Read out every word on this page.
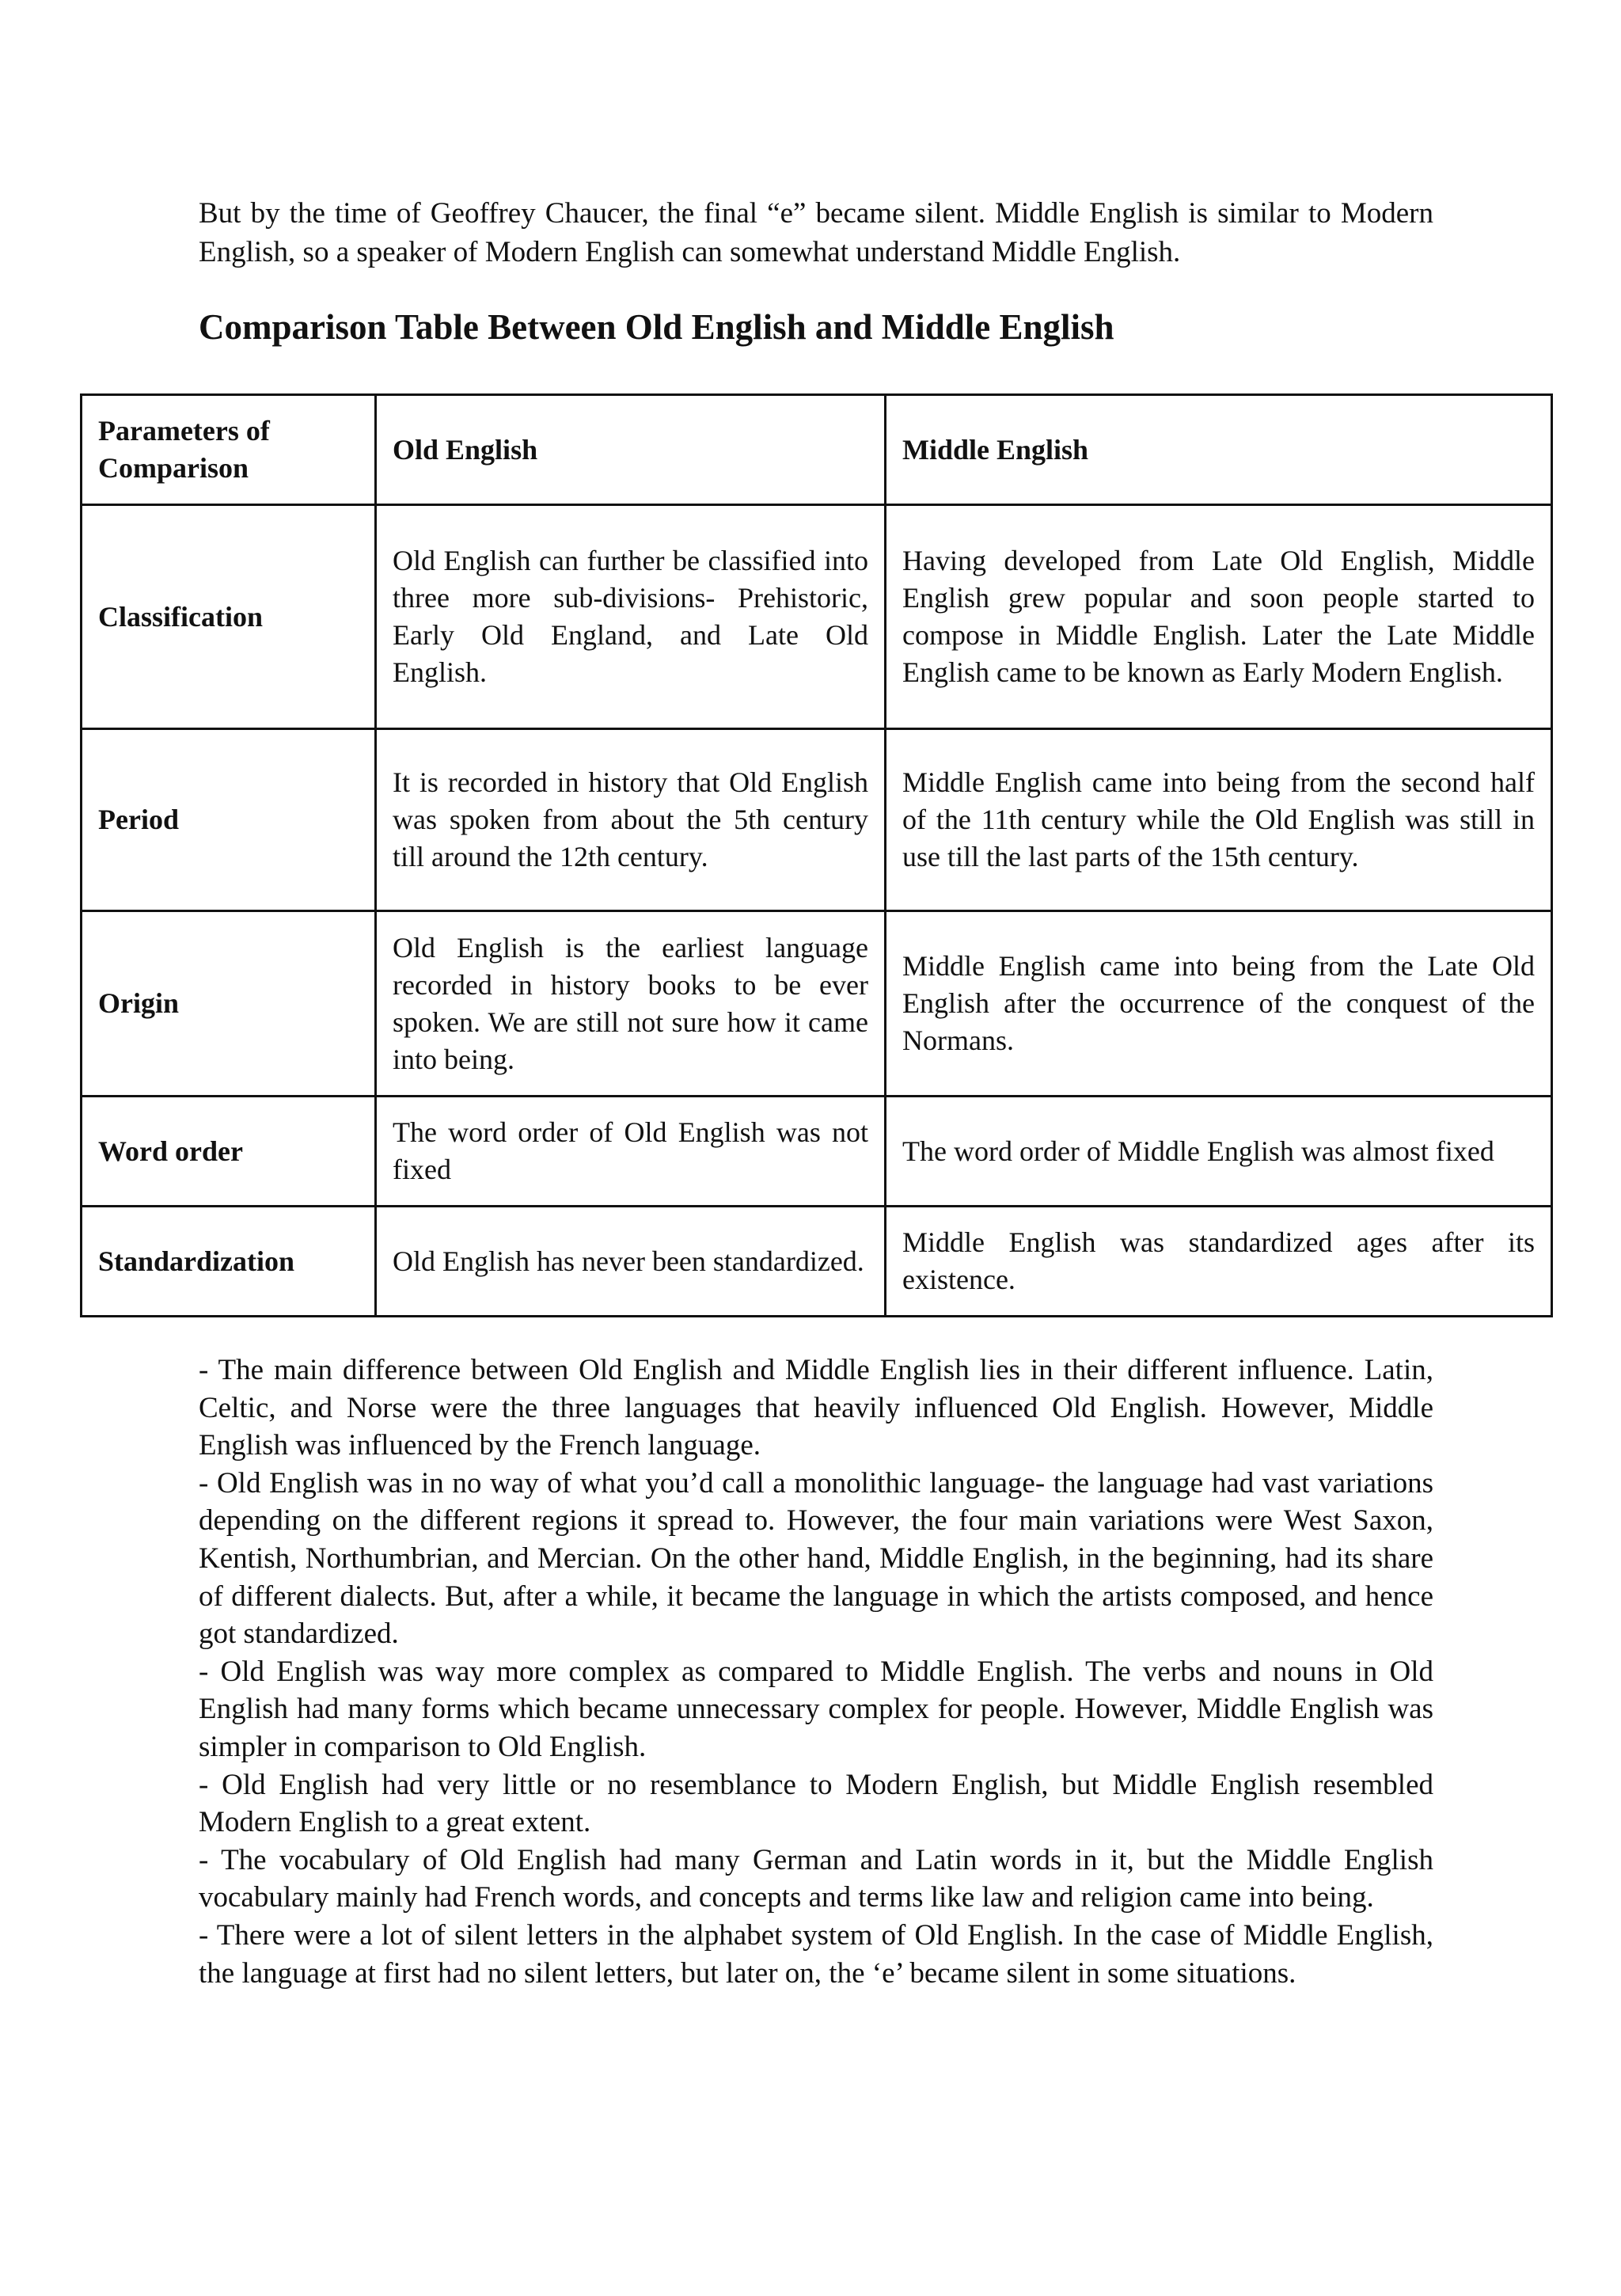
But by the time of Geoffrey Chaucer, the final “e” became silent. Middle English is similar to Modern English, so a speaker of Modern English can somewhat understand Middle English.

Comparison Table Between Old English and Middle English
Parameters of Comparison	Old English	Middle English
Classification	Old English can further be classified into three more sub-divisions- Prehistoric, Early Old England, and Late Old English.	Having developed from Late Old English, Middle English grew popular and soon people started to compose in Middle English. Later the Late Middle English came to be known as Early Modern English.
Period	It is recorded in history that Old English was spoken from about the 5th century till around the 12th century.	Middle English came into being from the second half of the 11th century while the Old English was still in use till the last parts of the 15th century.
Origin	Old English is the earliest language recorded in history books to be ever spoken. We are still not sure how it came into being.	Middle English came into being from the Late Old English after the occurrence of the conquest of the Normans.
Word order	The word order of Old English was not fixed	The word order of Middle English was almost fixed
Standardization	Old English has never been standardized.	Middle English was standardized ages after its existence.
- The main difference between Old English and Middle English lies in their different influence. Latin, Celtic, and Norse were the three languages that heavily influenced Old English. However, Middle English was influenced by the French language.
- Old English was in no way of what you’d call a monolithic language- the language had vast variations depending on the different regions it spread to. However, the four main variations were West Saxon, Kentish, Northumbrian, and Mercian. On the other hand, Middle English, in the beginning, had its share of different dialects. But, after a while, it became the language in which the artists composed, and hence got standardized.
- Old English was way more complex as compared to Middle English. The verbs and nouns in Old English had many forms which became unnecessary complex for people. However, Middle English was simpler in comparison to Old English.
- Old English had very little or no resemblance to Modern English, but Middle English resembled Modern English to a great extent.
- The vocabulary of Old English had many German and Latin words in it, but the Middle English vocabulary mainly had French words, and concepts and terms like law and religion came into being.
- There were a lot of silent letters in the alphabet system of Old English. In the case of Middle English, the language at first had no silent letters, but later on, the ‘e’ became silent in some situations.
